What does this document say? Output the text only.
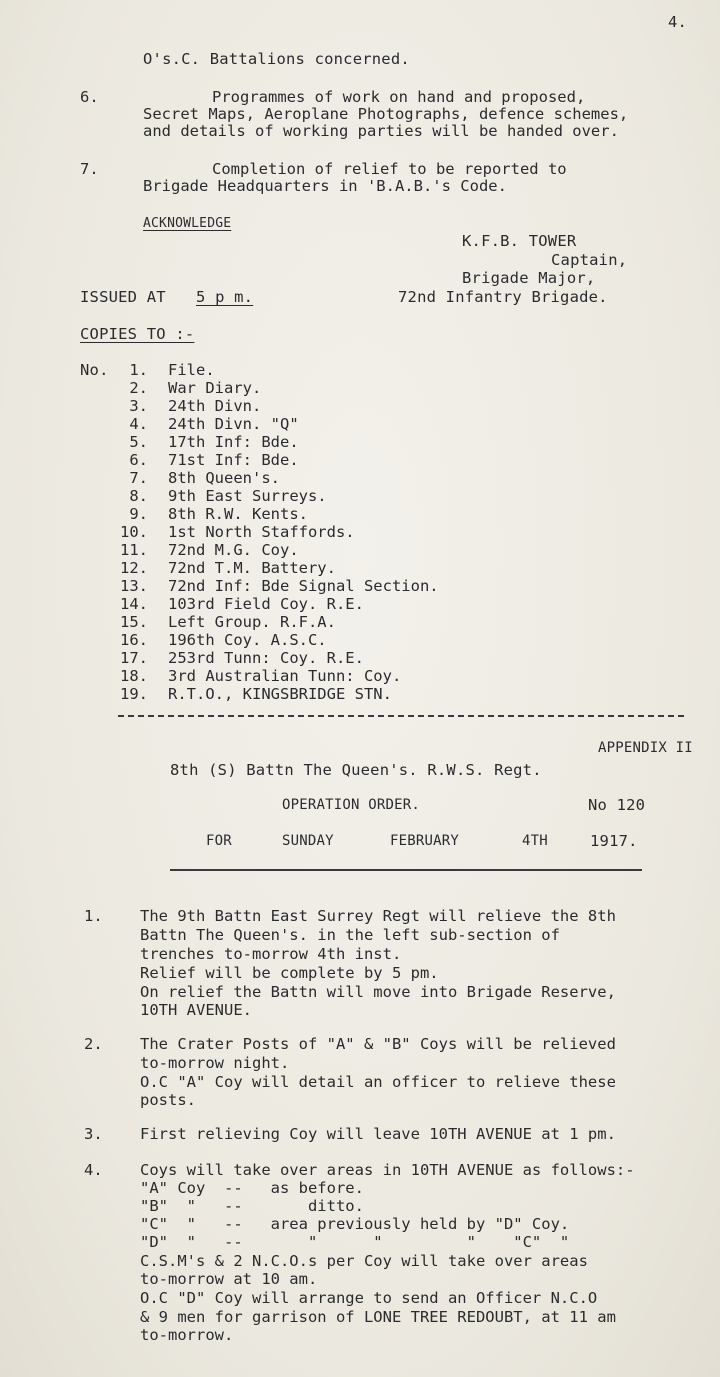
4.
O's.C. Battalions concerned.
6.	Programmes of work on hand and proposed,
Secret Maps, Aeroplane Photographs, defence schemes,
and details of working parties will be handed over.
7.	Completion of relief to be reported to
Brigade Headquarters in 'B.A.B.'s Code.
ACKNOWLEDGE
K.F.B. TOWER
Captain,
Brigade Major,
72nd Infantry Brigade.
ISSUED AT 5 p m.
COPIES TO :-
No.	1. File.
2. War Diary.
3. 24th Divn.
4. 24th Divn. "Q"
5. 17th Inf: Bde.
6. 71st Inf: Bde.
7. 8th Queen's.
8. 9th East Surreys.
9. 8th R.W. Kents.
10. 1st North Staffords.
11. 72nd M.G. Coy.
12. 72nd T.M. Battery.
13. 72nd Inf: Bde Signal Section.
14. 103rd Field Coy. R.E.
15. Left Group. R.F.A.
16. 196th Coy. A.S.C.
17. 253rd Tunn: Coy. R.E.
18. 3rd Australian Tunn: Coy.
19. R.T.O., KINGSBRIDGE STN.
APPENDIX II
8th (S) Battn The Queen's. R.W.S. Regt.
OPERATION ORDER.	No 120
FOR	SUNDAY	FEBRUARY	4TH	1917.
1. The 9th Battn East Surrey Regt will relieve the 8th
Battn The Queen's. in the left sub-section of
trenches to-morrow 4th inst.
Relief will be complete by 5 pm.
On relief the Battn will move into Brigade Reserve,
10TH AVENUE.
2. The Crater Posts of "A" & "B" Coys will be relieved
to-morrow night.
O.C "A" Coy will detail an officer to relieve these
posts.
3. First relieving Coy will leave 10TH AVENUE at 1 pm.
4. Coys will take over areas in 10TH AVENUE as follows:-
"A" Coy  --   as before.
"B"  "   --       ditto.
"C"  "   --   area previously held by "D" Coy.
"D"  "   --       "      "         "    "C"  "
C.S.M's & 2 N.C.O.s per Coy will take over areas
to-morrow at 10 am.
O.C "D" Coy will arrange to send an Officer N.C.O
& 9 men for garrison of LONE TREE REDOUBT, at 11 am
to-morrow.
